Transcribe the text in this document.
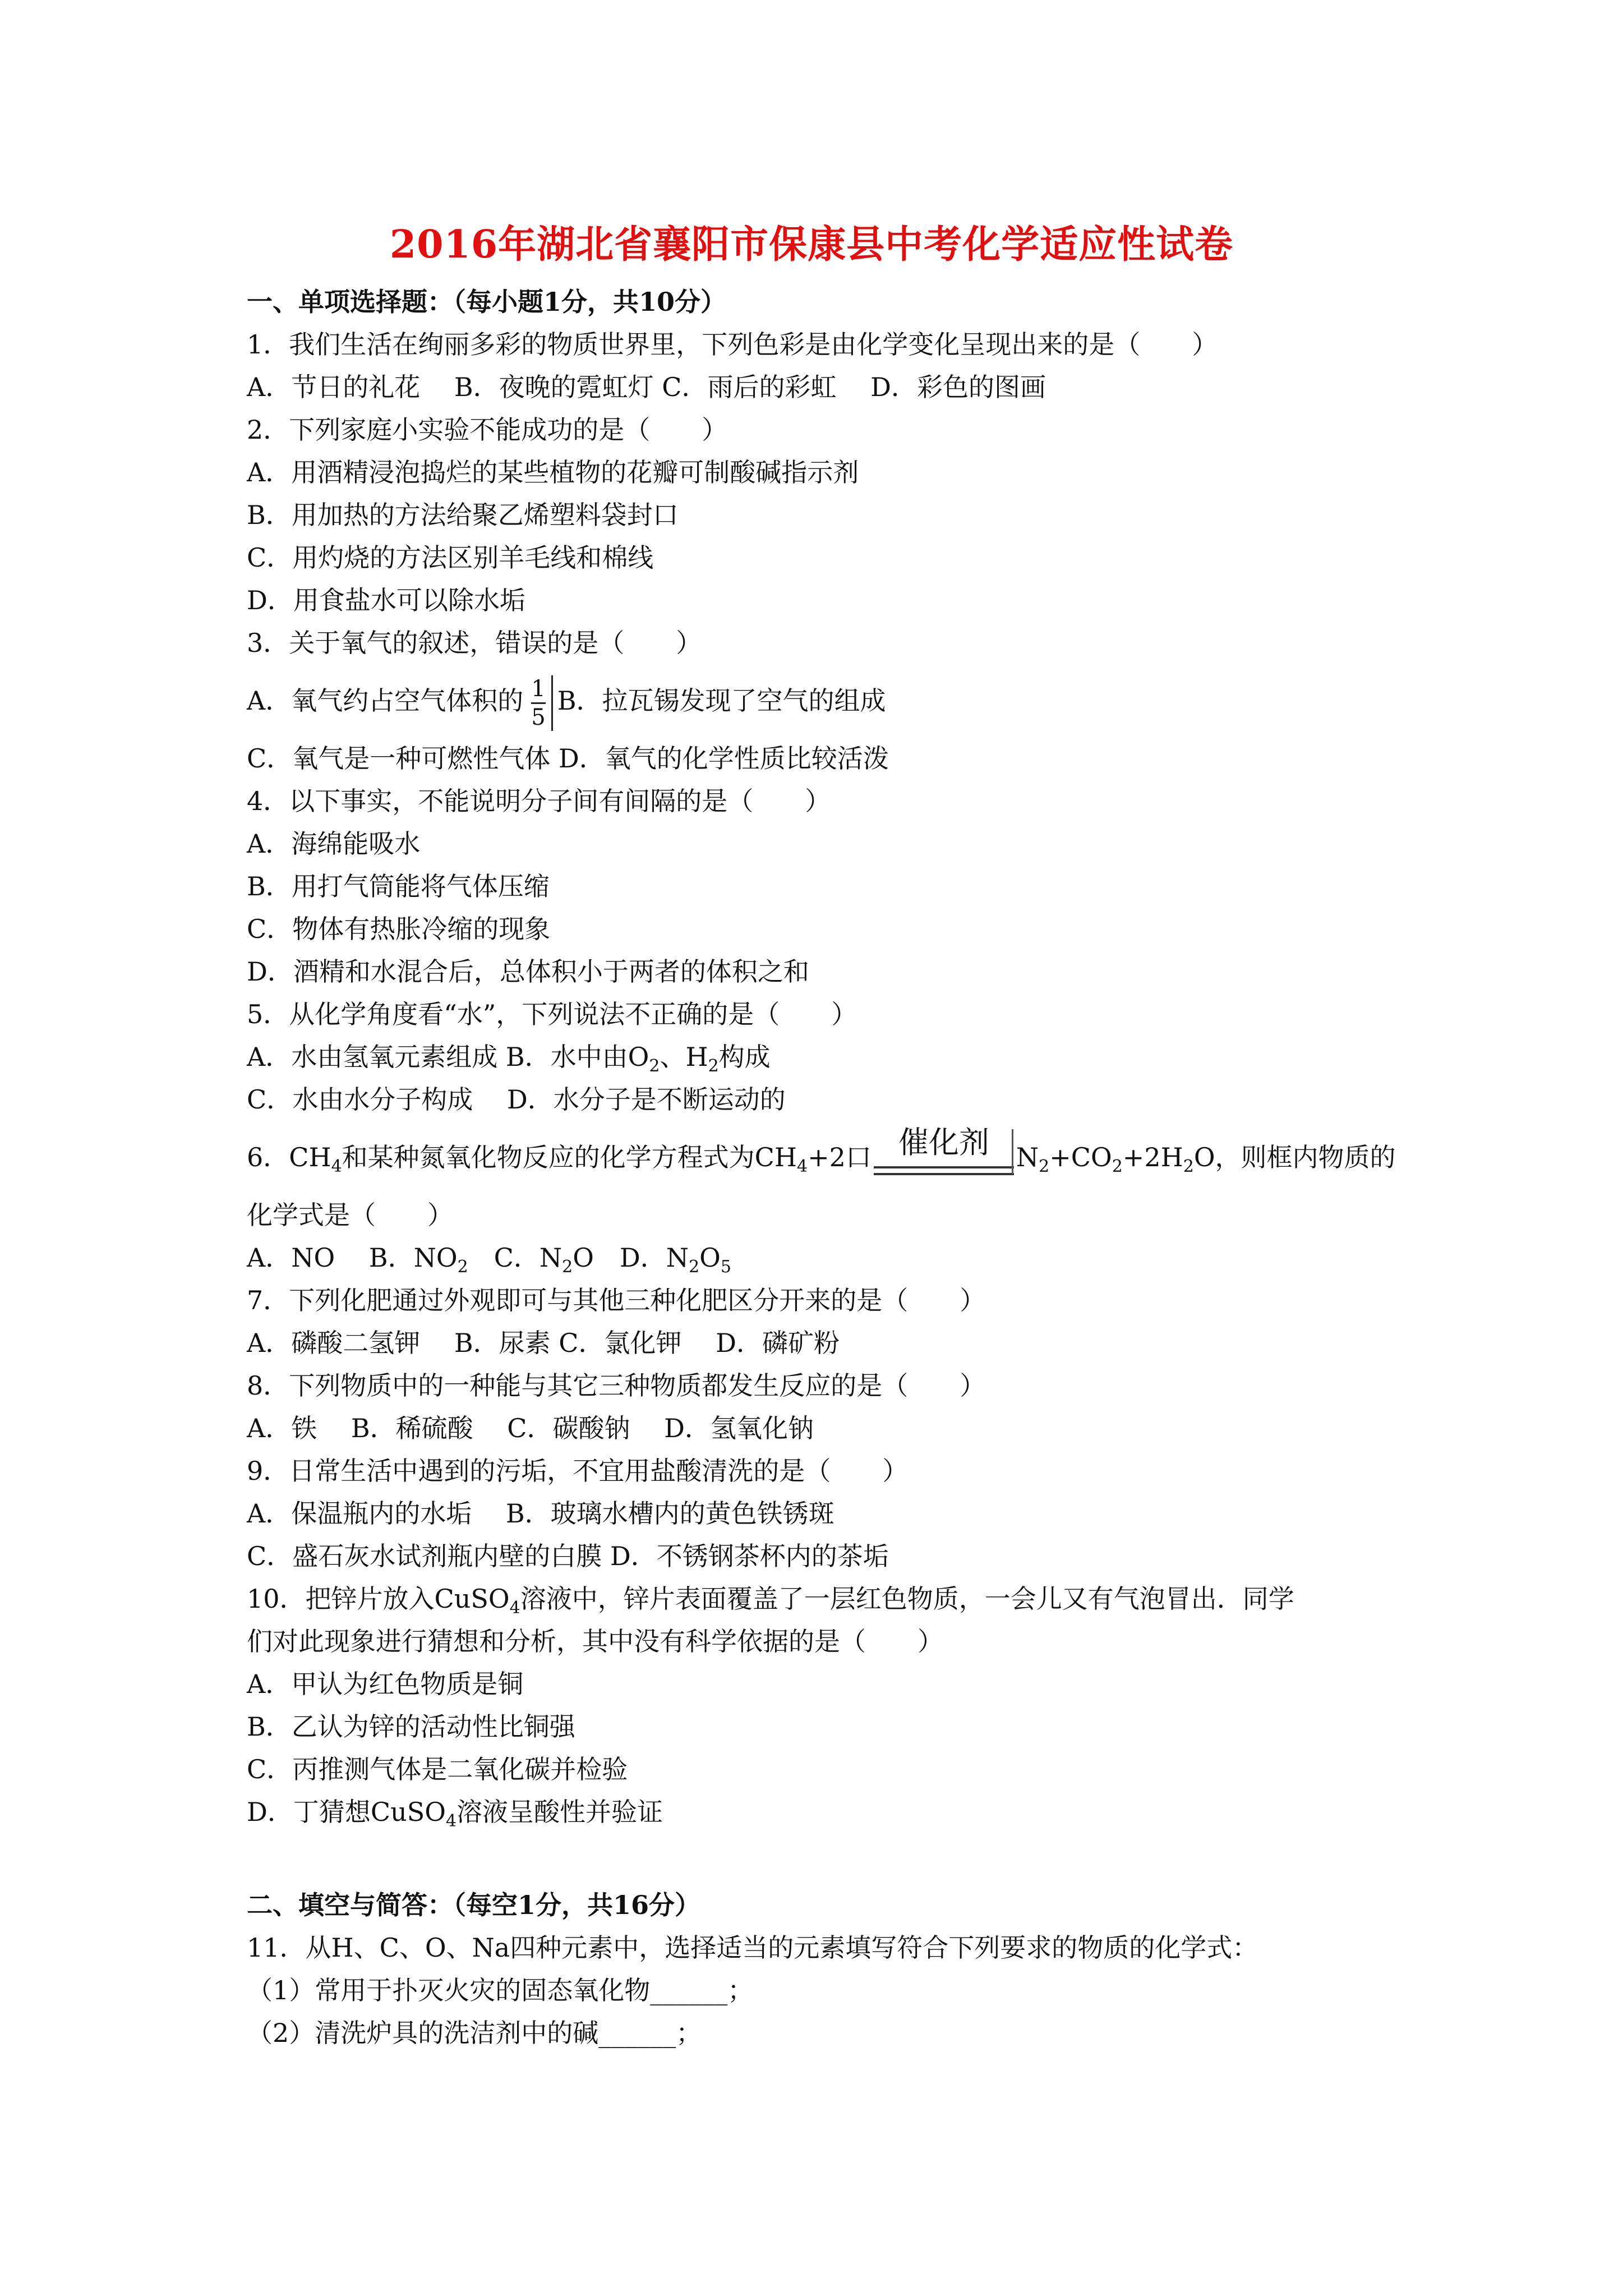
2016年湖北省襄阳市保康县中考化学适应性试卷
一、单项选择题：（每小题1分，共10分）
1．我们生活在绚丽多彩的物质世界里，下列色彩是由化学变化呈现出来的是（　　）
A．节日的礼花　 B．夜晚的霓虹灯 C．雨后的彩虹　 D．彩色的图画
2．下列家庭小实验不能成功的是（　　）
A．用酒精浸泡捣烂的某些植物的花瓣可制酸碱指示剂
B．用加热的方法给聚乙烯塑料袋封口
C．用灼烧的方法区别羊毛线和棉线
D．用食盐水可以除水垢
3．关于氧气的叙述，错误的是（　　）
A．氧气约占空气体积的 $\frac{1}{5}$ B．拉瓦锡发现了空气的组成
C．氧气是一种可燃性气体 D．氧气的化学性质比较活泼
4．以下事实，不能说明分子间有间隔的是（　　）
A．海绵能吸水
B．用打气筒能将气体压缩
C．物体有热胀冷缩的现象
D．酒精和水混合后，总体积小于两者的体积之和
5．从化学角度看“水”，下列说法不正确的是（　　）
A．水由氢氧元素组成 B．水中由$O_2$、$H_2$构成
C．水由水分子构成　 D．水分子是不断运动的
6．$CH_4$和某种氮氧化物反应的化学方程式为$CH_4+2$口 催化剂	$N_2+CO_2+2H_2O$，则框内物质的
化学式是（　　）
A．NO　 B．$NO_2$　C．$N_2O$　D．$N_2O_5$
7．下列化肥通过外观即可与其他三种化肥区分开来的是（　　）
A．磷酸二氢钾　 B．尿素 C．氯化钾　 D．磷矿粉
8．下列物质中的一种能与其它三种物质都发生反应的是（　　）
A．铁　 B．稀硫酸　 C．碳酸钠　 D．氢氧化钠
9．日常生活中遇到的污垢，不宜用盐酸清洗的是（　　）
A．保温瓶内的水垢　 B．玻璃水槽内的黄色铁锈斑
C．盛石灰水试剂瓶内壁的白膜 D．不锈钢茶杯内的茶垢
10．把锌片放入CuSO$_4$溶液中，锌片表面覆盖了一层红色物质，一会儿又有气泡冒出．同学
们对此现象进行猜想和分析，其中没有科学依据的是（　　）
A．甲认为红色物质是铜
B．乙认为锌的活动性比铜强
C．丙推测气体是二氧化碳并检验
D．丁猜想CuSO$_4$溶液呈酸性并验证
二、填空与简答：（每空1分，共16分）
11．从H、C、O、Na四种元素中，选择适当的元素填写符合下列要求的物质的化学式：
（1）常用于扑灭火灾的固态氧化物______；
（2）清洗炉具的洗洁剂中的碱______；
